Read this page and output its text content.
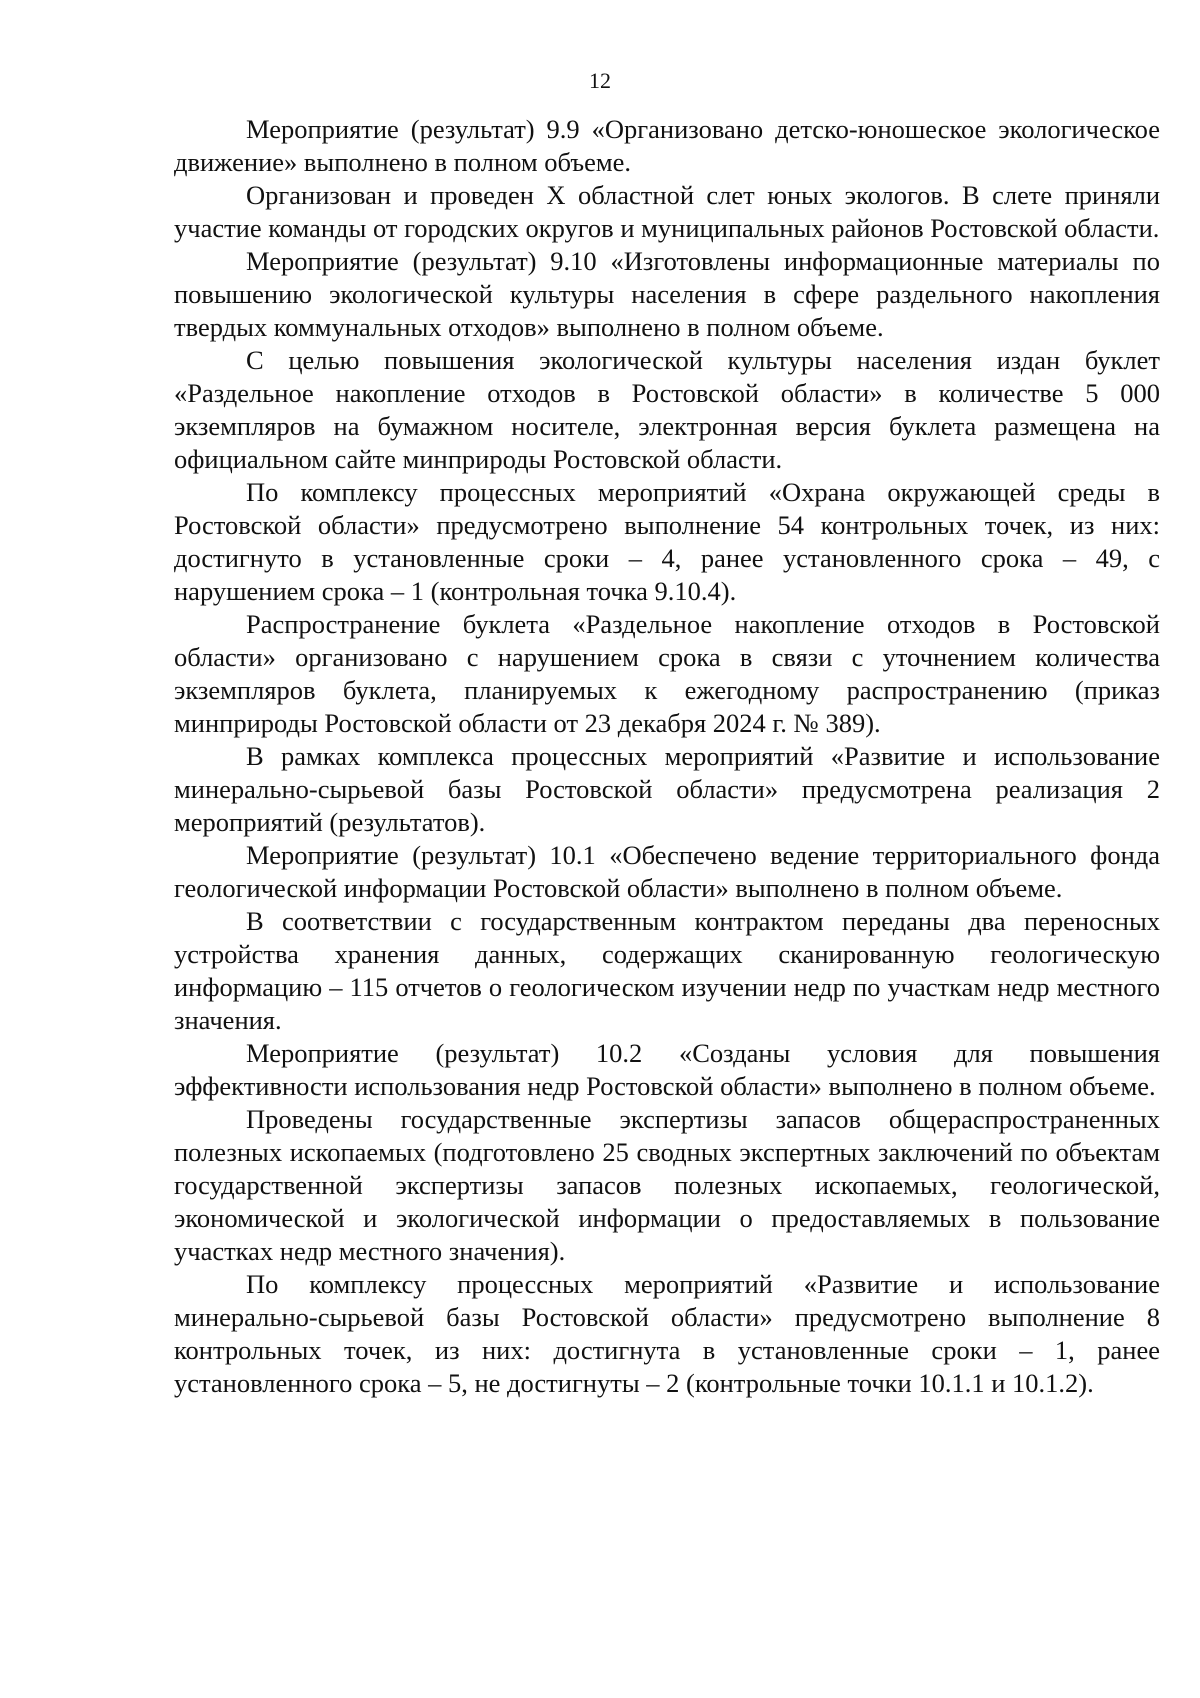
12

Мероприятие (результат) 9.9 «Организовано детско-юношеское экологическое движение» выполнено в полном объеме.

Организован и проведен Х областной слет юных экологов. В слете приняли участие команды от городских округов и муниципальных районов Ростовской области.

Мероприятие (результат) 9.10 «Изготовлены информационные материалы по повышению экологической культуры населения в сфере раздельного накопления твердых коммунальных отходов» выполнено в полном объеме.

С целью повышения экологической культуры населения издан буклет «Раздельное накопление отходов в Ростовской области» в количестве 5 000 экземпляров на бумажном носителе, электронная версия буклета размещена на официальном сайте минприроды Ростовской области.

По комплексу процессных мероприятий «Охрана окружающей среды в Ростовской области» предусмотрено выполнение 54 контрольных точек, из них: достигнуто в установленные сроки – 4, ранее установленного срока – 49, с нарушением срока – 1 (контрольная точка 9.10.4).

Распространение буклета «Раздельное накопление отходов в Ростовской области» организовано с нарушением срока в связи с уточнением количества экземпляров буклета, планируемых к ежегодному распространению (приказ минприроды Ростовской области от 23 декабря 2024 г. № 389).

В рамках комплекса процессных мероприятий «Развитие и использование минерально-сырьевой базы Ростовской области» предусмотрена реализация 2 мероприятий (результатов).

Мероприятие (результат) 10.1 «Обеспечено ведение территориального фонда геологической информации Ростовской области» выполнено в полном объеме.

В соответствии с государственным контрактом переданы два переносных устройства хранения данных, содержащих сканированную геологическую информацию – 115 отчетов о геологическом изучении недр по участкам недр местного значения.

Мероприятие (результат) 10.2 «Созданы условия для повышения эффективности использования недр Ростовской области» выполнено в полном объеме.

Проведены государственные экспертизы запасов общераспространенных полезных ископаемых (подготовлено 25 сводных экспертных заключений по объектам государственной экспертизы запасов полезных ископаемых, геологической, экономической и экологической информации о предоставляемых в пользование участках недр местного значения).

По комплексу процессных мероприятий «Развитие и использование минерально-сырьевой базы Ростовской области» предусмотрено выполнение 8 контрольных точек, из них: достигнута в установленные сроки – 1, ранее установленного срока – 5, не достигнуты – 2 (контрольные точки 10.1.1 и 10.1.2).
